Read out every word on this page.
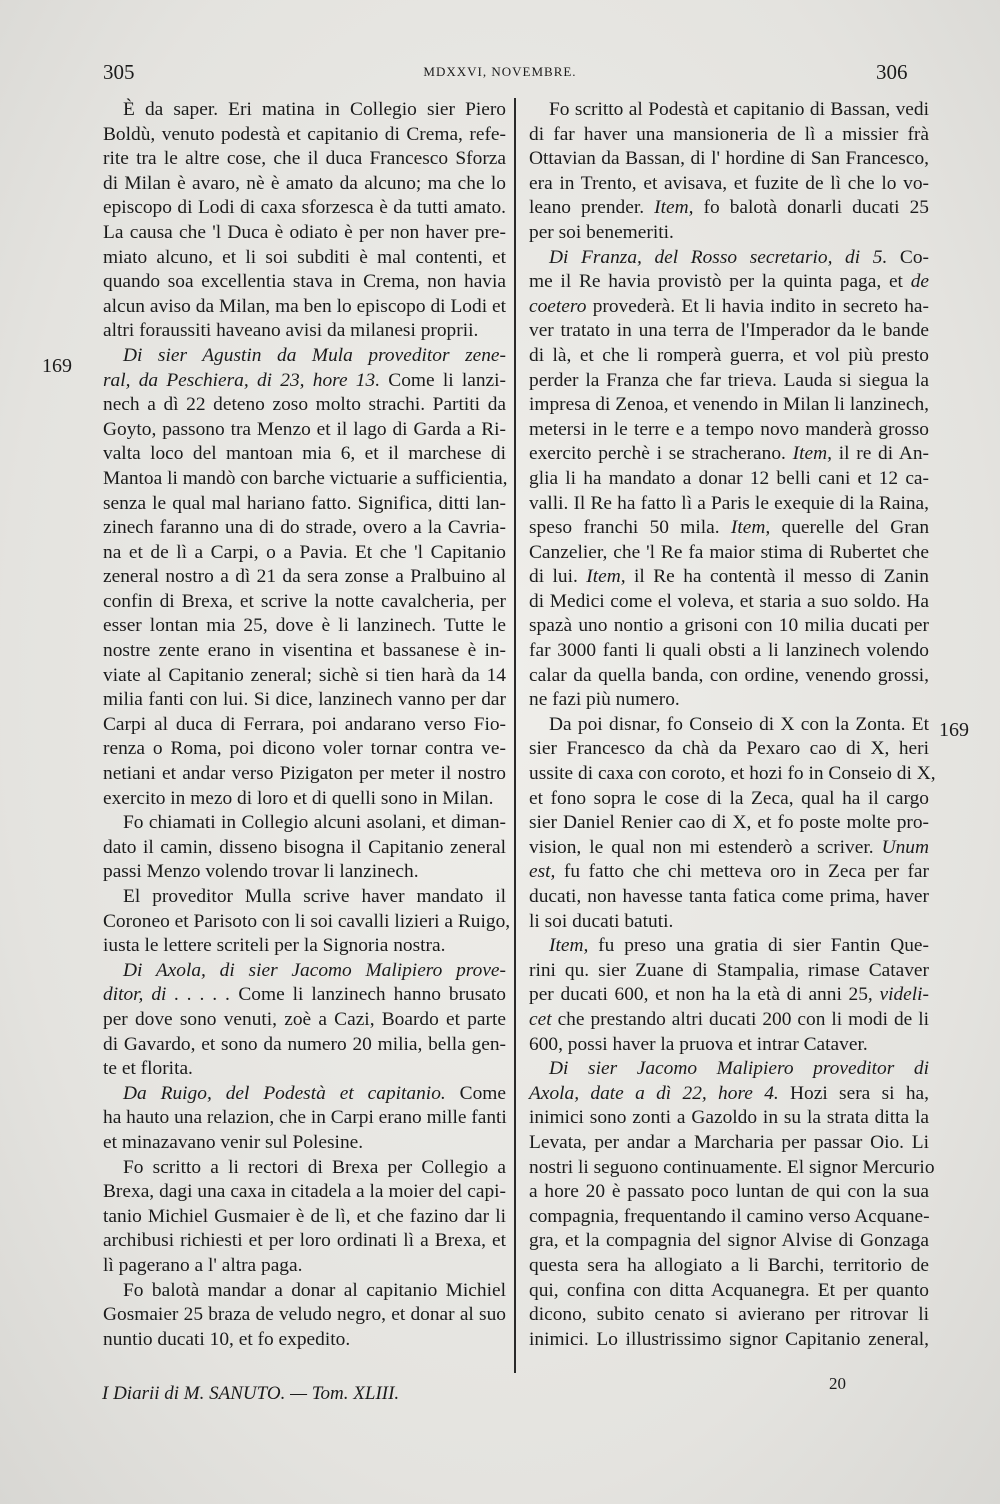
305	MDXXVI, NOVEMBRE.	306
169
169
È da saper. Eri matina in Collegio sier Piero
Boldù, venuto podestà et capitanio di Crema, refe-
rite tra le altre cose, che il duca Francesco Sforza
di Milan è avaro, nè è amato da alcuno; ma che lo
episcopo di Lodi di caxa sforzesca è da tutti amato.
La causa che 'l Duca è odiato è per non haver pre-
miato alcuno, et li soi subditi è mal contenti, et
quando soa excellentia stava in Crema, non havia
alcun aviso da Milan, ma ben lo episcopo di Lodi et
altri foraussiti haveano avisi da milanesi proprii.
Di sier Agustin da Mula proveditor zene-
ral, da Peschiera, di 23, hore 13. Come li lanzi-
nech a dì 22 deteno zoso molto strachi. Partiti da
Goyto, passono tra Menzo et il lago di Garda a Ri-
valta loco del mantoan mia 6, et il marchese di
Mantoa li mandò con barche victuarie a sufficientia,
senza le qual mal hariano fatto. Significa, ditti lan-
zinech faranno una di do strade, overo a la Cavria-
na et de lì a Carpi, o a Pavia. Et che 'l Capitanio
zeneral nostro a dì 21 da sera zonse a Pralbuino al
confin di Brexa, et scrive la notte cavalcheria, per
esser lontan mia 25, dove è li lanzinech. Tutte le
nostre zente erano in visentina et bassanese è in-
viate al Capitanio zeneral; sichè si tien harà da 14
milia fanti con lui. Si dice, lanzinech vanno per dar
Carpi al duca di Ferrara, poi andarano verso Fio-
renza o Roma, poi dicono voler tornar contra ve-
netiani et andar verso Pizigaton per meter il nostro
exercito in mezo di loro et di quelli sono in Milan.
Fo chiamati in Collegio alcuni asolani, et diman-
dato il camin, disseno bisogna il Capitanio zeneral
passi Menzo volendo trovar li lanzinech.
El proveditor Mulla scrive haver mandato il
Coroneo et Parisoto con li soi cavalli lizieri a Ruigo,
iusta le lettere scriteli per la Signoria nostra.
Di Axola, di sier Jacomo Malipiero prove-
ditor, di . . . . . Come li lanzinech hanno brusato
per dove sono venuti, zoè a Cazi, Boardo et parte
di Gavardo, et sono da numero 20 milia, bella gen-
te et florita.
Da Ruigo, del Podestà et capitanio. Come
ha hauto una relazion, che in Carpi erano mille fanti
et minazavano venir sul Polesine.
Fo scritto a li rectori di Brexa per Collegio a
Brexa, dagi una caxa in citadela a la moier del capi-
tanio Michiel Gusmaier è de lì, et che fazino dar li
archibusi richiesti et per loro ordinati lì a Brexa, et
lì pagerano a l' altra paga.
Fo balotà mandar a donar al capitanio Michiel
Gosmaier 25 braza de veludo negro, et donar al suo
nuntio ducati 10, et fo expedito.
Fo scritto al Podestà et capitanio di Bassan, vedi
di far haver una mansioneria de lì a missier frà
Ottavian da Bassan, di l' hordine di San Francesco,
era in Trento, et avisava, et fuzite de lì che lo vo-
leano prender. Item, fo balotà donarli ducati 25
per soi benemeriti.
Di Franza, del Rosso secretario, di 5. Co-
me il Re havia provistò per la quinta paga, et de
coetero provederà. Et li havia indito in secreto ha-
ver tratato in una terra de l'Imperador da le bande
di là, et che li romperà guerra, et vol più presto
perder la Franza che far trieva. Lauda si siegua la
impresa di Zenoa, et venendo in Milan li lanzinech,
metersi in le terre e a tempo novo manderà grosso
exercito perchè i se stracherano. Item, il re di An-
glia li ha mandato a donar 12 belli cani et 12 ca-
valli. Il Re ha fatto lì a Paris le exequie di la Raina,
speso franchi 50 mila. Item, querelle del Gran
Canzelier, che 'l Re fa maior stima di Rubertet che
di lui. Item, il Re ha contentà il messo di Zanin
di Medici come el voleva, et staria a suo soldo. Ha
spazà uno nontio a grisoni con 10 milia ducati per
far 3000 fanti li quali obsti a li lanzinech volendo
calar da quella banda, con ordine, venendo grossi,
ne fazi più numero.
Da poi disnar, fo Conseio di X con la Zonta. Et
sier Francesco da chà da Pexaro cao di X, heri
ussite di caxa con coroto, et hozi fo in Conseio di X,
et fono sopra le cose di la Zeca, qual ha il cargo
sier Daniel Renier cao di X, et fo poste molte pro-
vision, le qual non mi estenderò a scriver. Unum
est, fu fatto che chi metteva oro in Zeca per far
ducati, non havesse tanta fatica come prima, haver
li soi ducati batuti.
Item, fu preso una gratia di sier Fantin Que-
rini qu. sier Zuane di Stampalia, rimase Cataver
per ducati 600, et non ha la età di anni 25, videli-
cet che prestando altri ducati 200 con li modi de li
600, possi haver la pruova et intrar Cataver.
Di sier Jacomo Malipiero proveditor di
Axola, date a dì 22, hore 4. Hozi sera si ha,
inimici sono zonti a Gazoldo in su la strata ditta la
Levata, per andar a Marcharia per passar Oio. Li
nostri li seguono continuamente. El signor Mercurio
a hore 20 è passato poco luntan de qui con la sua
compagnia, frequentando il camino verso Acquane-
gra, et la compagnia del signor Alvise di Gonzaga
questa sera ha allogiato a li Barchi, territorio de
qui, confina con ditta Acquanegra. Et per quanto
dicono, subito cenato si avierano per ritrovar li
inimici. Lo illustrissimo signor Capitanio zeneral,
I Diarii di M. SANUTO. — Tom. XLIII.	20
